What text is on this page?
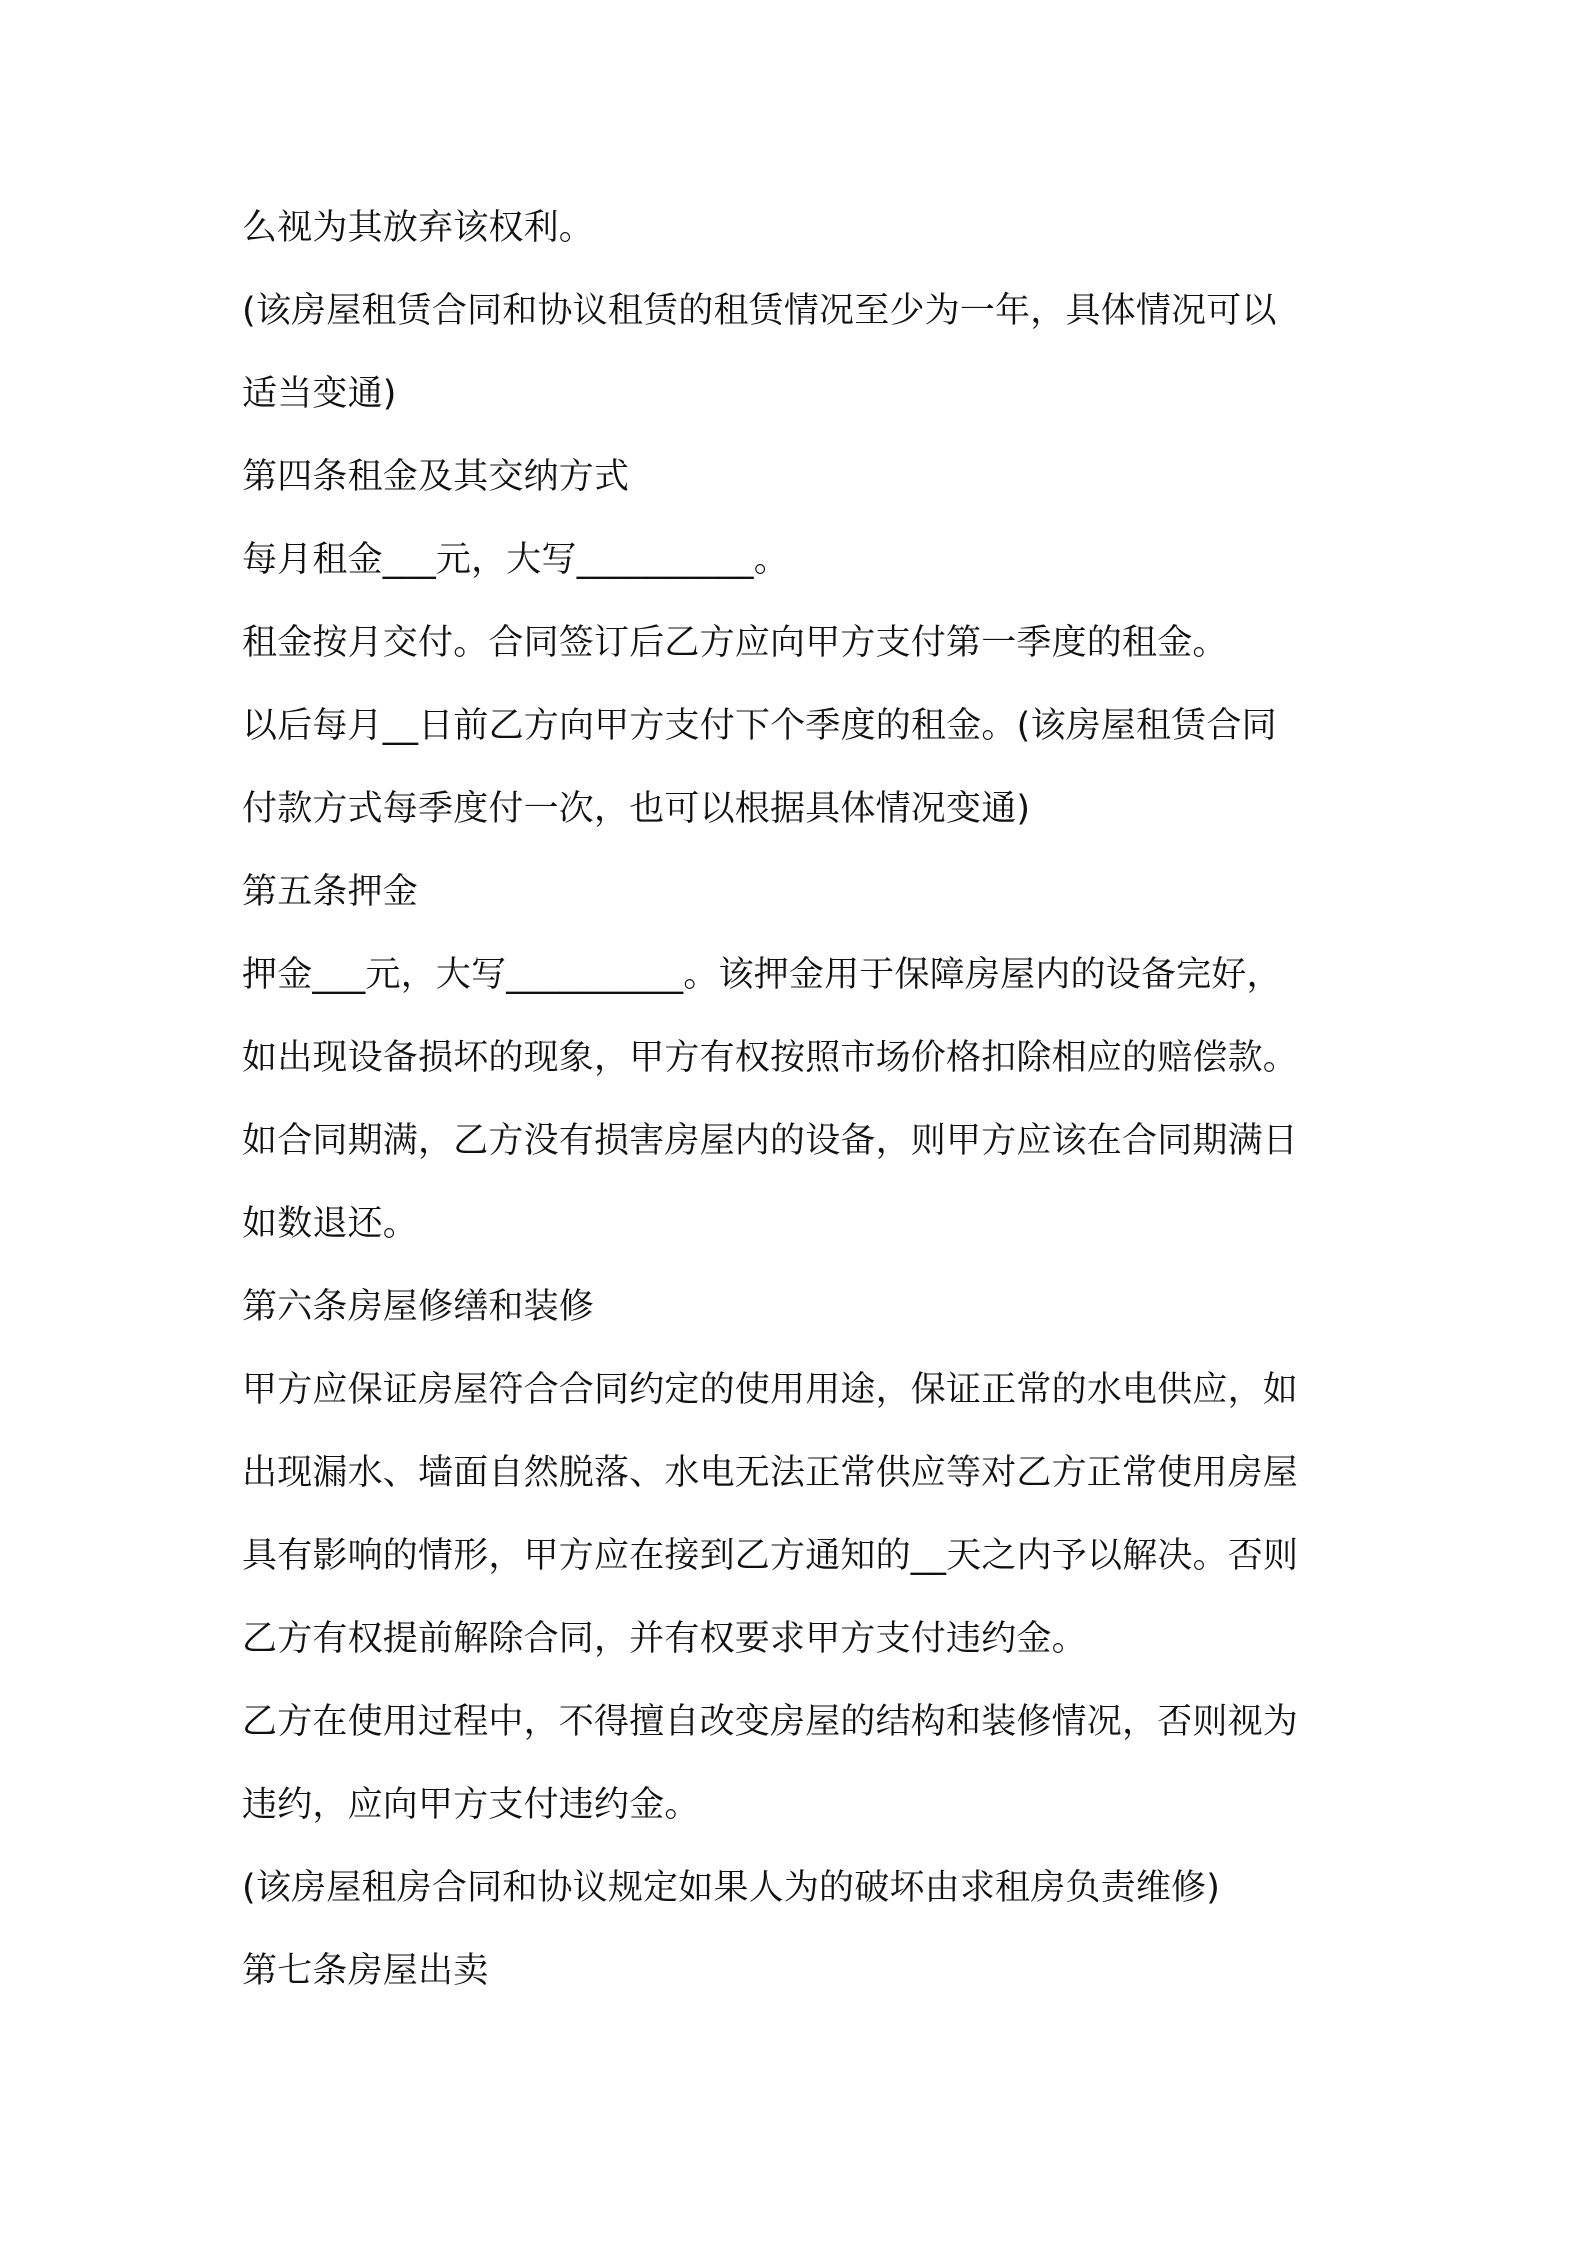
么视为其放弃该权利。
(该房屋租赁合同和协议租赁的租赁情况至少为一年，具体情况可以
适当变通)
第四条租金及其交纳方式
每月租金___元，大写__________。
租金按月交付。合同签订后乙方应向甲方支付第一季度的租金。
以后每月__日前乙方向甲方支付下个季度的租金。(该房屋租赁合同
付款方式每季度付一次，也可以根据具体情况变通)
第五条押金
押金___元，大写__________。该押金用于保障房屋内的设备完好，
如出现设备损坏的现象，甲方有权按照市场价格扣除相应的赔偿款。
如合同期满，乙方没有损害房屋内的设备，则甲方应该在合同期满日
如数退还。
第六条房屋修缮和装修
甲方应保证房屋符合合同约定的使用用途，保证正常的水电供应，如
出现漏水、墙面自然脱落、水电无法正常供应等对乙方正常使用房屋
具有影响的情形，甲方应在接到乙方通知的__天之内予以解决。否则
乙方有权提前解除合同，并有权要求甲方支付违约金。
乙方在使用过程中，不得擅自改变房屋的结构和装修情况，否则视为
违约，应向甲方支付违约金。
(该房屋租房合同和协议规定如果人为的破坏由求租房负责维修)
第七条房屋出卖
